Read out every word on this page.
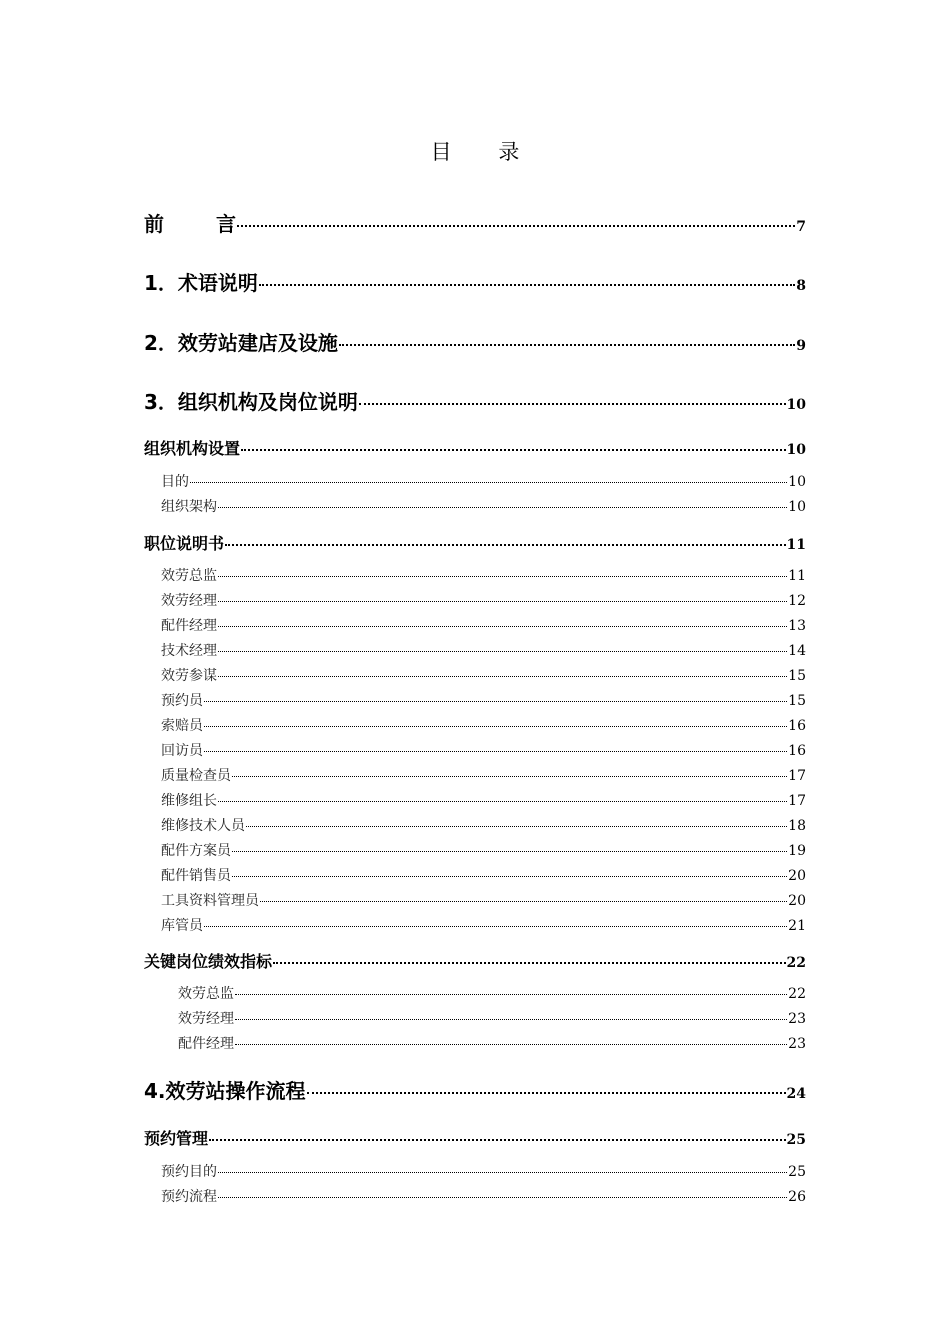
目 录
前	言	7
1．术语说明	8
2．效劳站建店及设施	9
3．组织机构及岗位说明	10
组织机构设置	10
目的	10
组织架构	10
职位说明书	11
效劳总监	11
效劳经理	12
配件经理	13
技术经理	14
效劳参谋	15
预约员	15
索赔员	16
回访员	16
质量检查员	17
维修组长	17
维修技术人员	18
配件方案员	19
配件销售员	20
工具资料管理员	20
库管员	21
关键岗位绩效指标	22
效劳总监	22
效劳经理	23
配件经理	23
4.效劳站操作流程	24
预约管理	25
预约目的	25
预约流程	26
